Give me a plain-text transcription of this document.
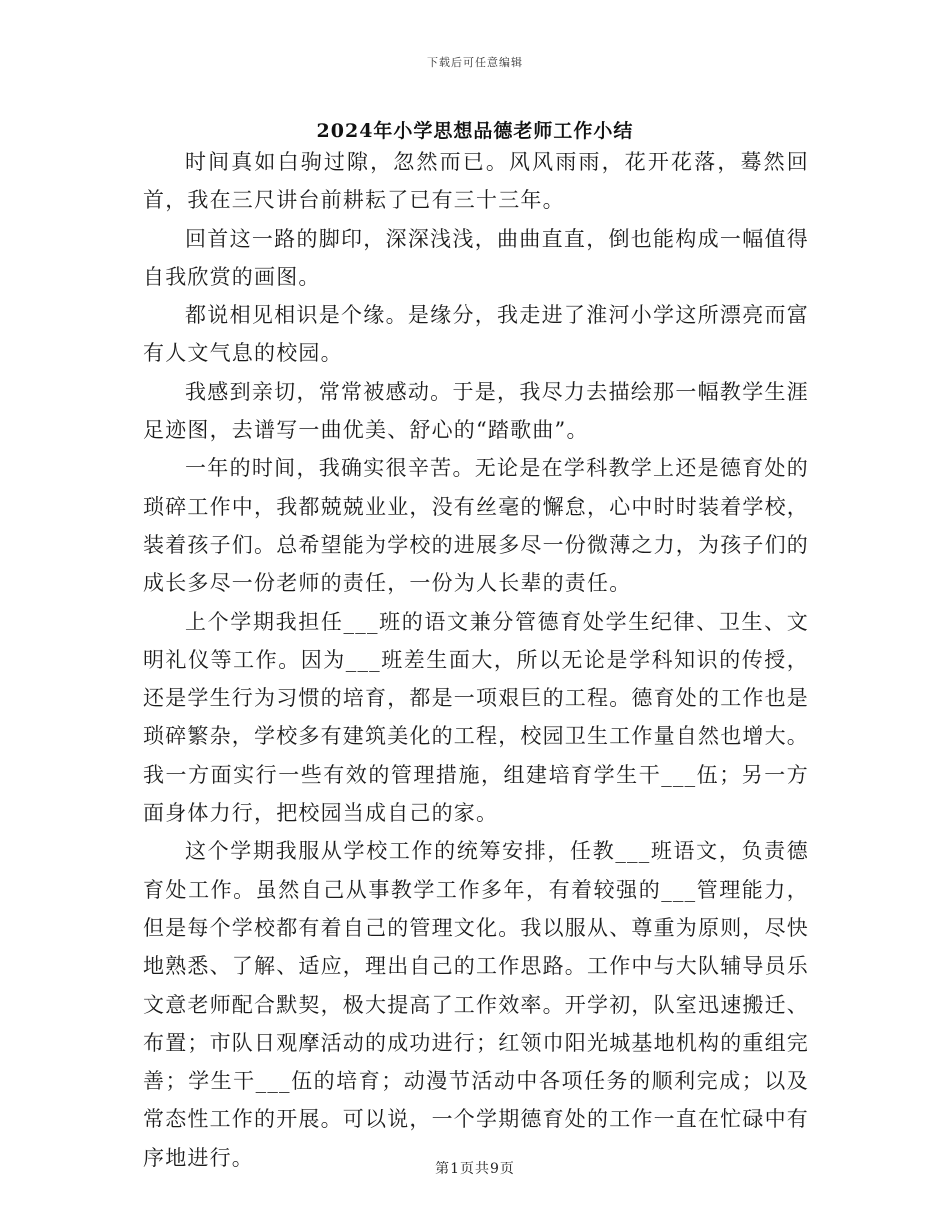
下载后可任意编辑
2024年小学思想品德老师工作小结

时间真如白驹过隙，忽然而已。风风雨雨，花开花落，蓦然回首，我在三尺讲台前耕耘了已有三十三年。

回首这一路的脚印，深深浅浅，曲曲直直，倒也能构成一幅值得自我欣赏的画图。

都说相见相识是个缘。是缘分，我走进了淮河小学这所漂亮而富有人文气息的校园。

我感到亲切，常常被感动。于是，我尽力去描绘那一幅教学生涯足迹图，去谱写一曲优美、舒心的“踏歌曲”。

一年的时间，我确实很辛苦。无论是在学科教学上还是德育处的琐碎工作中，我都兢兢业业，没有丝毫的懈怠，心中时时装着学校，装着孩子们。总希望能为学校的进展多尽一份微薄之力，为孩子们的成长多尽一份老师的责任，一份为人长辈的责任。

上个学期我担任___班的语文兼分管德育处学生纪律、卫生、文明礼仪等工作。因为___班差生面大，所以无论是学科知识的传授，还是学生行为习惯的培育，都是一项艰巨的工程。德育处的工作也是琐碎繁杂，学校多有建筑美化的工程，校园卫生工作量自然也增大。我一方面实行一些有效的管理措施，组建培育学生干___伍；另一方面身体力行，把校园当成自己的家。

这个学期我服从学校工作的统筹安排，任教___班语文，负责德育处工作。虽然自己从事教学工作多年，有着较强的___管理能力，但是每个学校都有着自己的管理文化。我以服从、尊重为原则，尽快地熟悉、了解、适应，理出自己的工作思路。工作中与大队辅导员乐文意老师配合默契，极大提高了工作效率。开学初，队室迅速搬迁、布置；市队日观摩活动的成功进行；红领巾阳光城基地机构的重组完善；学生干___伍的培育；动漫节活动中各项任务的顺利完成；以及常态性工作的开展。可以说，一个学期德育处的工作一直在忙碌中有序地进行。	第1页共9页
